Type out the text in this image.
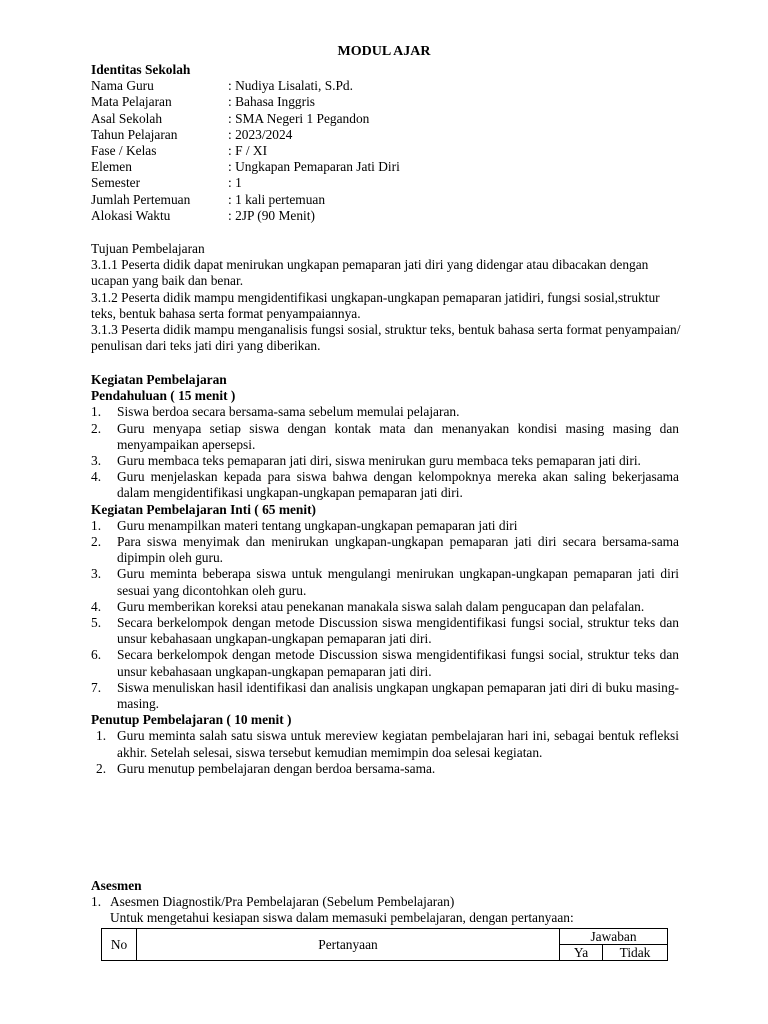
MODUL AJAR
Identitas Sekolah
Nama Guru	: Nudiya Lisalati, S.Pd.
Mata Pelajaran	: Bahasa Inggris
Asal Sekolah	: SMA Negeri 1 Pegandon
Tahun Pelajaran	: 2023/2024
Fase / Kelas	: F / XI
Elemen	: Ungkapan Pemaparan Jati Diri
Semester	: 1
Jumlah Pertemuan	: 1 kali pertemuan
Alokasi Waktu	: 2JP (90 Menit)

Tujuan Pembelajaran

3.1.1 Peserta didik dapat menirukan ungkapan pemaparan jati diri yang didengar atau dibacakan dengan ucapan yang baik dan benar.

3.1.2 Peserta didik mampu mengidentifikasi ungkapan-ungkapan pemaparan jatidiri, fungsi sosial,struktur teks, bentuk bahasa serta format penyampaiannya.

3.1.3 Peserta didik mampu menganalisis fungsi sosial, struktur teks, bentuk bahasa serta format penyampaian/ penulisan dari teks jati diri yang diberikan.

Kegiatan Pembelajaran

Pendahuluan ( 15 menit )

1.	Siswa berdoa secara bersama-sama sebelum memulai pelajaran.
2.	Guru menyapa setiap siswa dengan kontak mata dan menanyakan kondisi masing masing dan menyampaikan apersepsi.
3.	Guru membaca teks pemaparan jati diri, siswa menirukan guru membaca teks pemaparan jati diri.
4.	Guru menjelaskan kepada para siswa bahwa dengan kelompoknya mereka akan saling bekerjasama dalam mengidentifikasi ungkapan-ungkapan pemaparan jati diri.

Kegiatan Pembelajaran Inti ( 65 menit)

1.	Guru menampilkan materi tentang ungkapan-ungkapan pemaparan jati diri
2.	Para siswa menyimak dan menirukan ungkapan-ungkapan pemaparan jati diri secara bersama-sama dipimpin oleh guru.
3.	Guru meminta beberapa siswa untuk mengulangi menirukan ungkapan-ungkapan pemaparan jati diri sesuai yang dicontohkan oleh guru.
4.	Guru memberikan koreksi atau penekanan manakala siswa salah dalam pengucapan dan pelafalan.
5.	Secara berkelompok dengan metode Discussion siswa mengidentifikasi fungsi social, struktur teks dan unsur kebahasaan ungkapan-ungkapan pemaparan jati diri.
6.	Secara berkelompok dengan metode Discussion siswa mengidentifikasi fungsi social, struktur teks dan unsur kebahasaan ungkapan-ungkapan pemaparan jati diri.
7.	Siswa menuliskan hasil identifikasi dan analisis ungkapan ungkapan pemaparan jati diri di buku masing-masing.

Penutup Pembelajaran ( 10 menit )

1. Guru meminta salah satu siswa untuk mereview kegiatan pembelajaran hari ini, sebagai bentuk refleksi akhir. Setelah selesai, siswa tersebut kemudian memimpin doa selesai kegiatan.
2. Guru menutup pembelajaran dengan berdoa bersama-sama.

Asesmen

1. Asesmen Diagnostik/Pra Pembelajaran (Sebelum Pembelajaran)

Untuk mengetahui kesiapan siswa dalam memasuki pembelajaran, dengan pertanyaan:

No	Pertanyaan	Jawaban	
		Ya	Tidak
